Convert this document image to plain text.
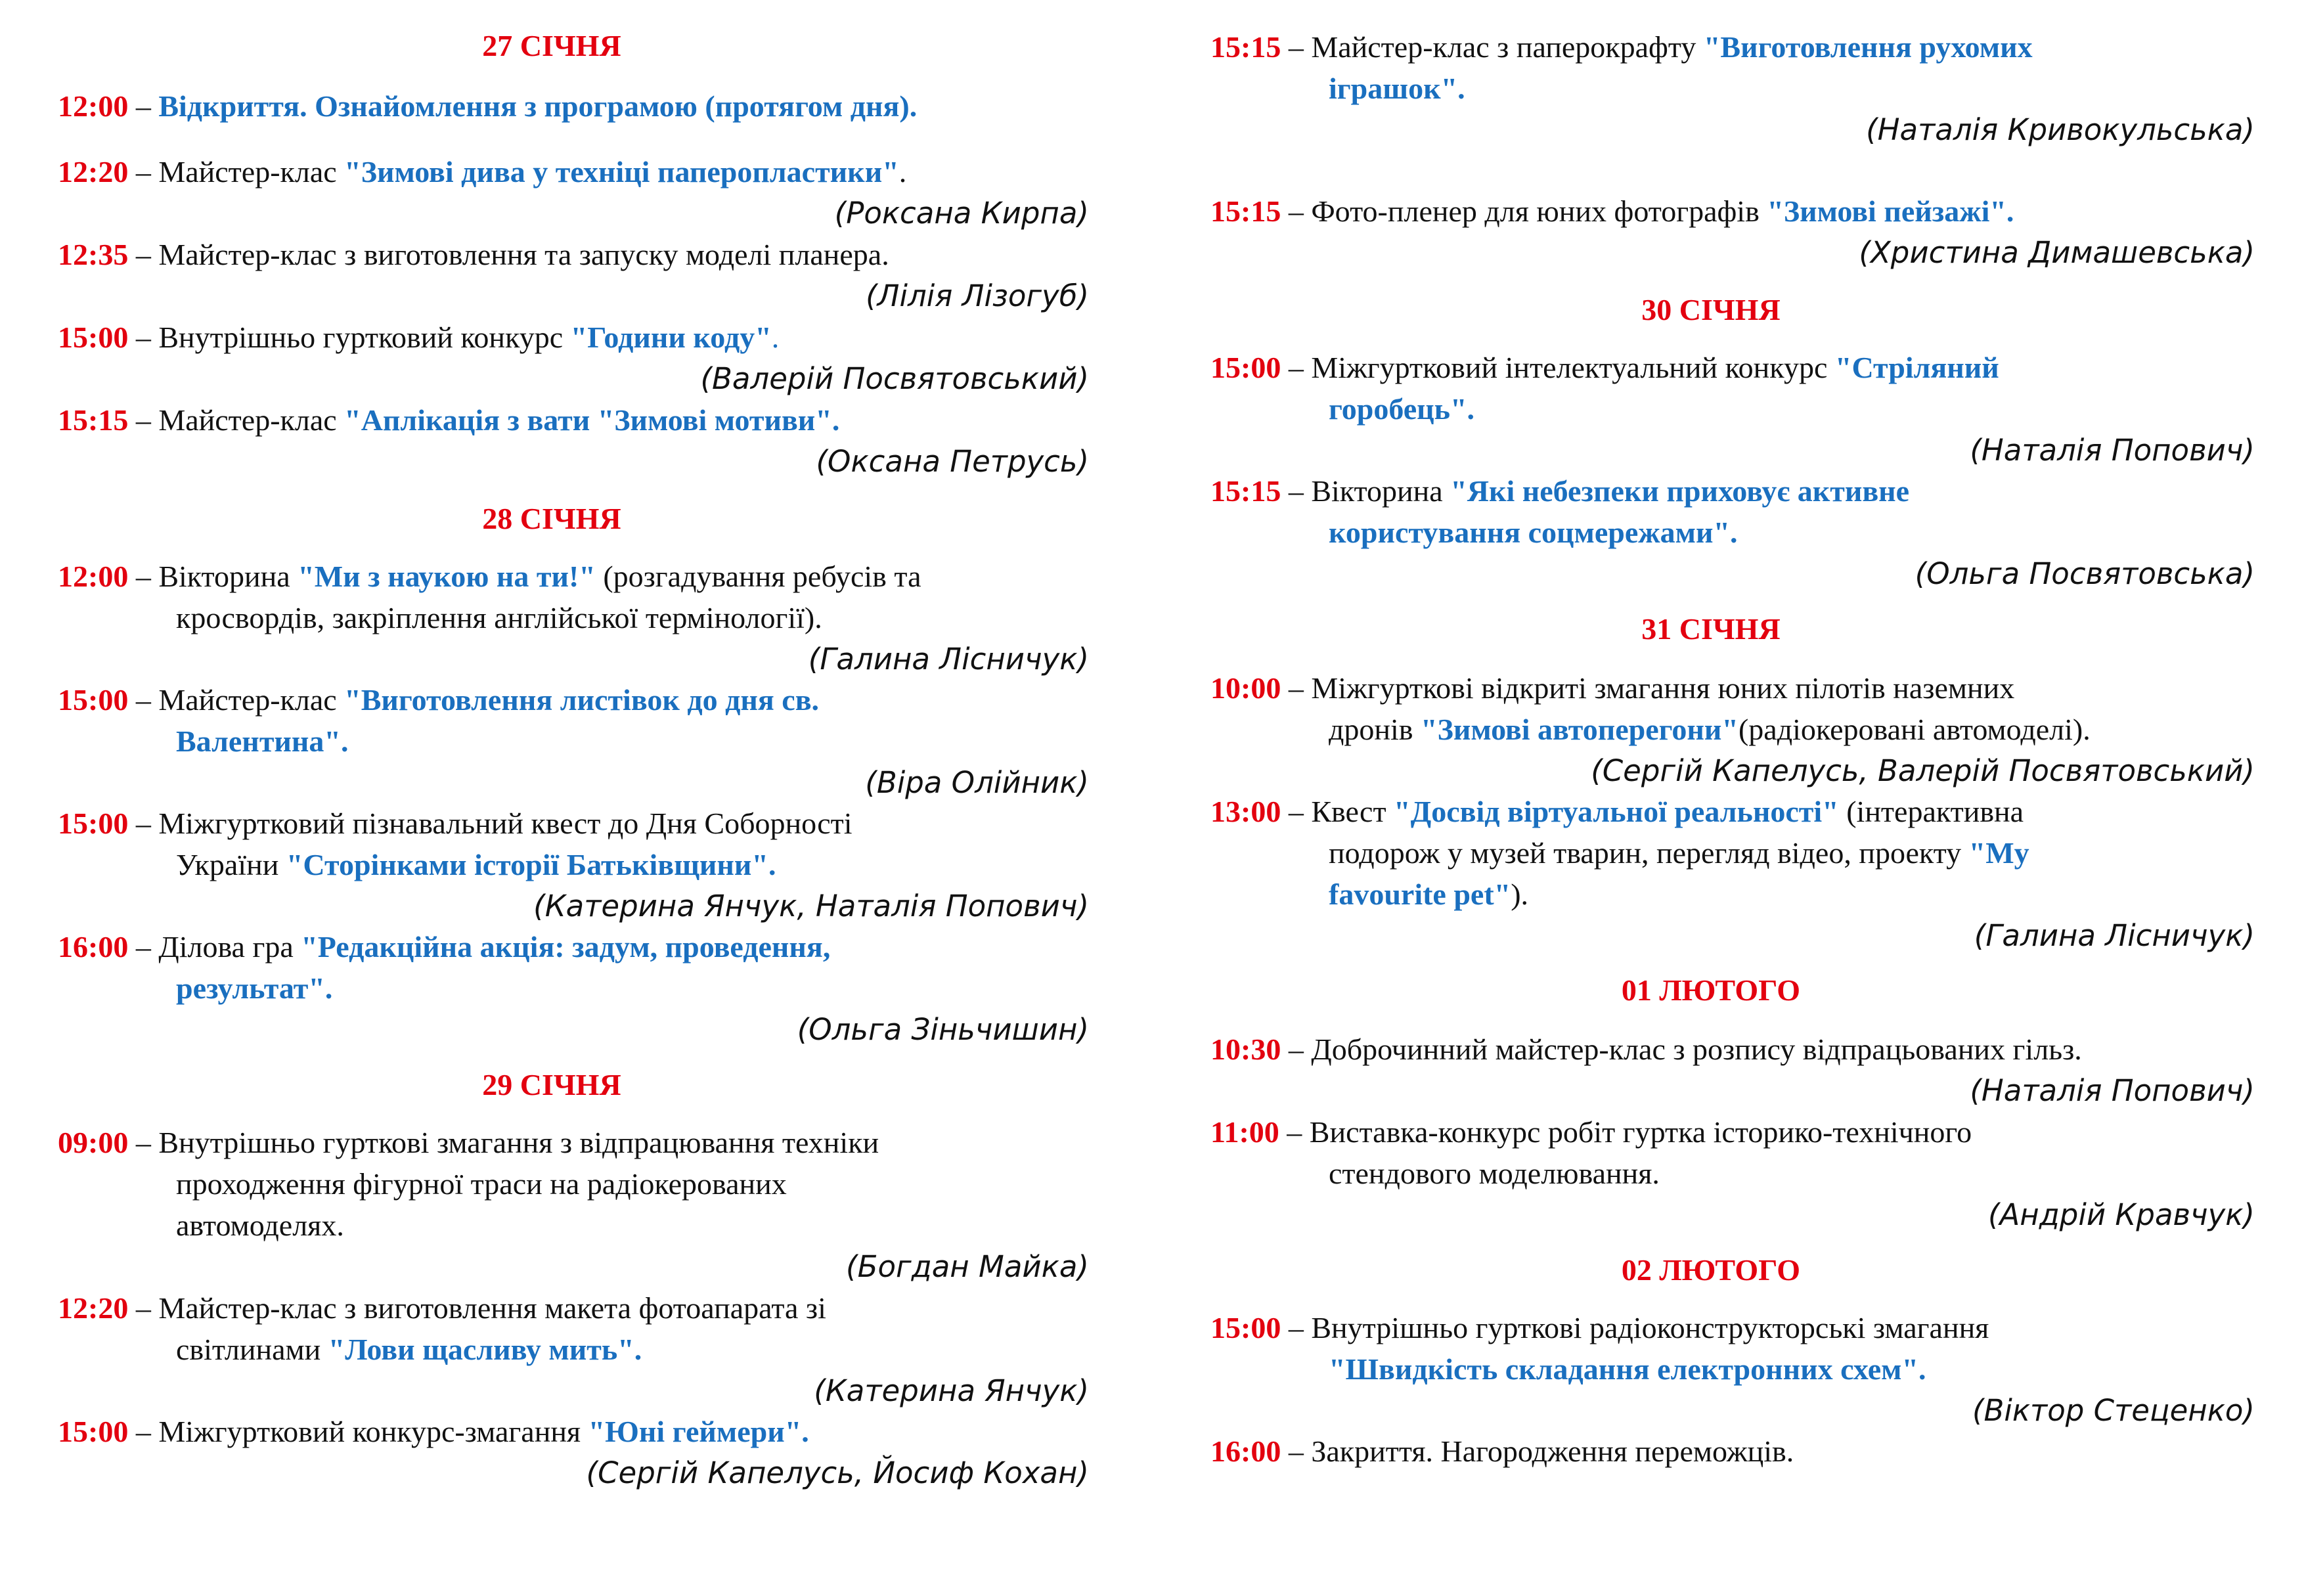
27 СІЧНЯ
12:00 – Відкриття. Ознайомлення з програмою (протягом дня).
12:20 – Майстер-клас "Зимові дива у техніці паперопластики".
(Роксана Кирпа)
12:35 – Майстер-клас з виготовлення та запуску моделі планера.
(Лілія Лізогуб)
15:00 – Внутрішньо гуртковий конкурс "Години коду".
(Валерій Посвятовський)
15:15 – Майстер-клас "Аплікація з вати "Зимові мотиви".
(Оксана Петрусь)
28 СІЧНЯ
12:00 – Вікторина "Ми з наукою на ти!" (розгадування ребусів та
кросвордів, закріплення англійської термінології).
(Галина Лісничук)
15:00 – Майстер-клас "Виготовлення листівок до дня св.
Валентина".
(Віра Олійник)
15:00 – Міжгуртковий пізнавальний квест до Дня Соборності
України "Сторінками історії Батьківщини".
(Катерина Янчук, Наталія Попович)
16:00 – Ділова гра "Редакційна акція: задум, проведення,
результат".
(Ольга Зіньчишин)
29 СІЧНЯ
09:00 – Внутрішньо гурткові змагання з відпрацювання техніки
проходження фігурної траси на радіокерованих
автомоделях.
(Богдан Майка)
12:20 – Майстер-клас з виготовлення макета фотоапарата зі
світлинами "Лови щасливу мить".
(Катерина Янчук)
15:00 – Міжгуртковий конкурс-змагання "Юні геймери".
(Сергій Капелусь, Йосиф Кохан)
15:15 – Майстер-клас з паперокрафту "Виготовлення рухомих
іграшок".
(Наталія Кривокульська)
15:15 – Фото-пленер для юних фотографів "Зимові пейзажі".
(Христина Димашевська)
30 СІЧНЯ
15:00 – Міжгуртковий інтелектуальний конкурс "Стріляний
горобець".
(Наталія Попович)
15:15 – Вікторина "Які небезпеки приховує активне
користування соцмережами".
(Ольга Посвятовська)
31 СІЧНЯ
10:00 – Міжгурткові відкриті змагання юних пілотів наземних
дронів "Зимові автоперегони"(радіокеровані автомоделі).
(Сергій Капелусь, Валерій Посвятовський)
13:00 – Квест "Досвід віртуальної реальності" (інтерактивна
подорож у музей тварин, перегляд відео, проекту "My
favourite pet").
(Галина Лісничук)
01 ЛЮТОГО
10:30 – Доброчинний майстер-клас з розпису відпрацьованих гільз.
(Наталія Попович)
11:00 – Виставка-конкурс робіт гуртка історико-технічного
стендового моделювання.
(Андрій Кравчук)
02 ЛЮТОГО
15:00 – Внутрішньо гурткові радіоконструкторські змагання
"Швидкість складання електронних схем".
(Віктор Стеценко)
16:00 – Закриття. Нагородження переможців.
